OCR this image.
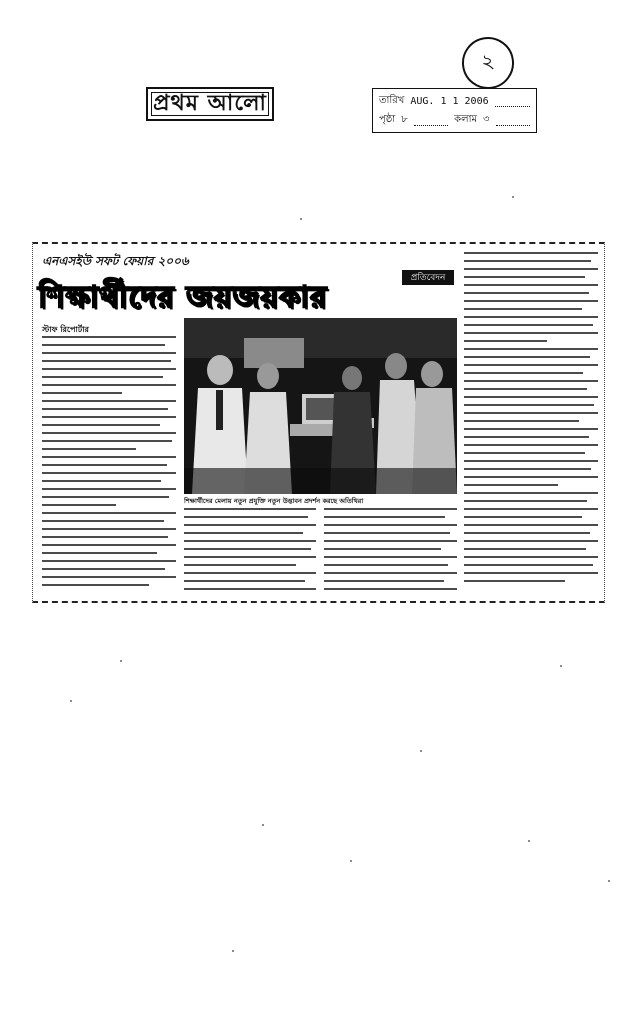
২
প্রথম আলো	তারিখ AUG. 1 1 2006
পৃষ্ঠা ৮	কলাম ৩
এনএসইউ সফট ফেয়ার ২০০৬
শিক্ষার্থীদের জয়জয়কার
প্রতিবেদন
স্টাফ রিপোর্টার
শিক্ষার্থীদের মেলায় নতুন প্রযুক্তি নতুন উদ্ভাবন প্রদর্শন করছে অতিথিরা
